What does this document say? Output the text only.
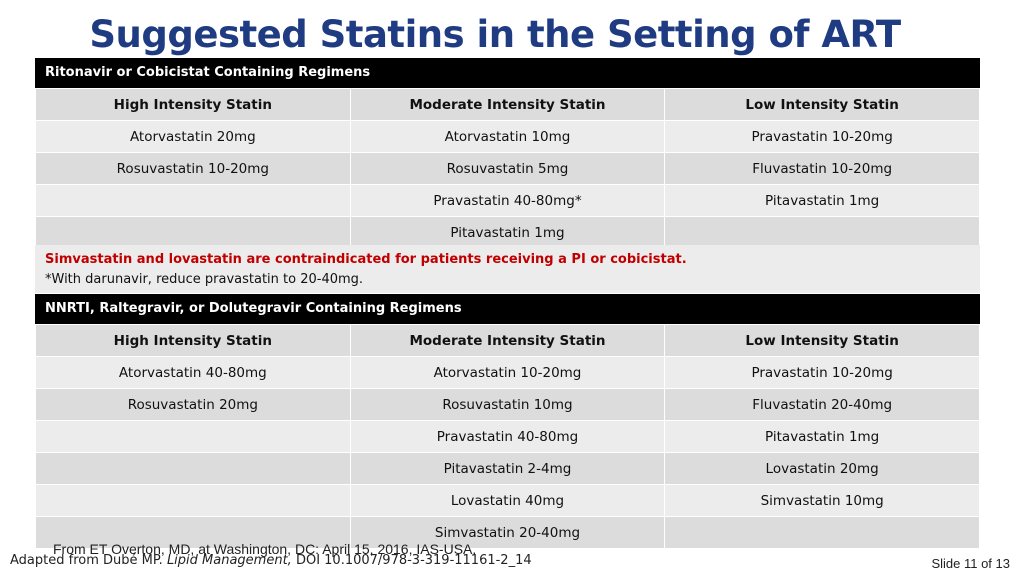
Suggested Statins in the Setting of ART
Ritonavir or Cobicistat Containing Regimens
High Intensity Statin	Moderate Intensity Statin	Low Intensity Statin
Atorvastatin 20mg	Atorvastatin 10mg	Pravastatin 10-20mg
Rosuvastatin 10-20mg	Rosuvastatin 5mg	Fluvastatin 10-20mg
	Pravastatin 40-80mg*	Pitavastatin 1mg
	Pitavastatin 1mg	
Simvastatin and lovastatin are contraindicated for patients receiving a PI or cobicistat.
*With darunavir, reduce pravastatin to 20-40mg.
NNRTI, Raltegravir, or Dolutegravir Containing Regimens
High Intensity Statin	Moderate Intensity Statin	Low Intensity Statin
Atorvastatin 40-80mg	Atorvastatin 10-20mg	Pravastatin 10-20mg
Rosuvastatin 20mg	Rosuvastatin 10mg	Fluvastatin 20-40mg
	Pravastatin 40-80mg	Pitavastatin 1mg
	Pitavastatin 2-4mg	Lovastatin 20mg
	Lovastatin 40mg	Simvastatin 10mg
	Simvastatin 20-40mg	
From ET Overton, MD, at Washington, DC: April 15, 2016, IAS-USA.
Adapted from Dubé MP. Lipid Management, DOI 10.1007/978-3-319-11161-2_14	Slide 11 of 13
